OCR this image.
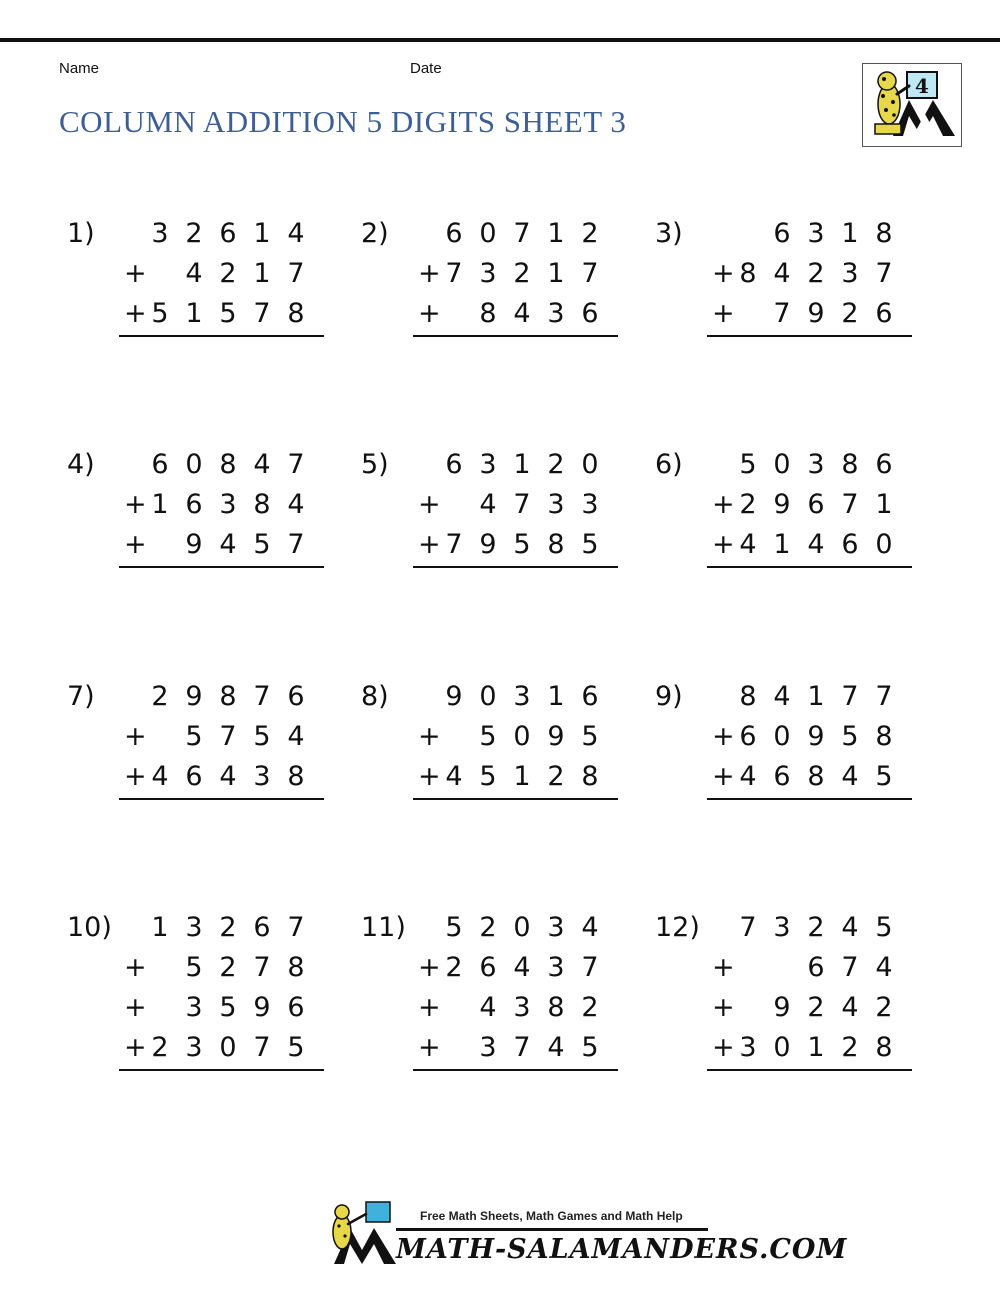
Name	Date
COLUMN ADDITION 5 DIGITS SHEET 3
4
1) 3 2 6 1 4
+ 4 2 1 7
+ 5 1 5 7 8
2) 6 0 7 1 2
+ 7 3 2 1 7
+ 8 4 3 6
3)	6 3 1 8
+ 8 4 2 3 7
+ 7 9 2 6
4) 6 0 8 4 7
+ 1 6 3 8 4
+ 9 4 5 7
5) 6 3 1 2 0
+ 4 7 3 3
+ 7 9 5 8 5
6) 5 0 3 8 6
+ 2 9 6 7 1
+ 4 1 4 6 0
7) 2 9 8 7 6
+ 5 7 5 4
+ 4 6 4 3 8
8) 9 0 3 1 6
+ 5 0 9 5
+ 4 5 1 2 8
9) 8 4 1 7 7
+ 6 0 9 5 8
+ 4 6 8 4 5
10) 1 3 2 6 7
+ 5 2 7 8
+ 3 5 9 6
+ 2 3 0 7 5
11) 5 2 0 3 4
+ 2 6 4 3 7
+ 4 3 8 2
+ 3 7 4 5
12) 7 3 2 4 5
+	6 7 4
+ 9 2 4 2
+ 3 0 1 2 8
Free Math Sheets, Math Games and Math Help
MATH-SALAMANDERS.COM
